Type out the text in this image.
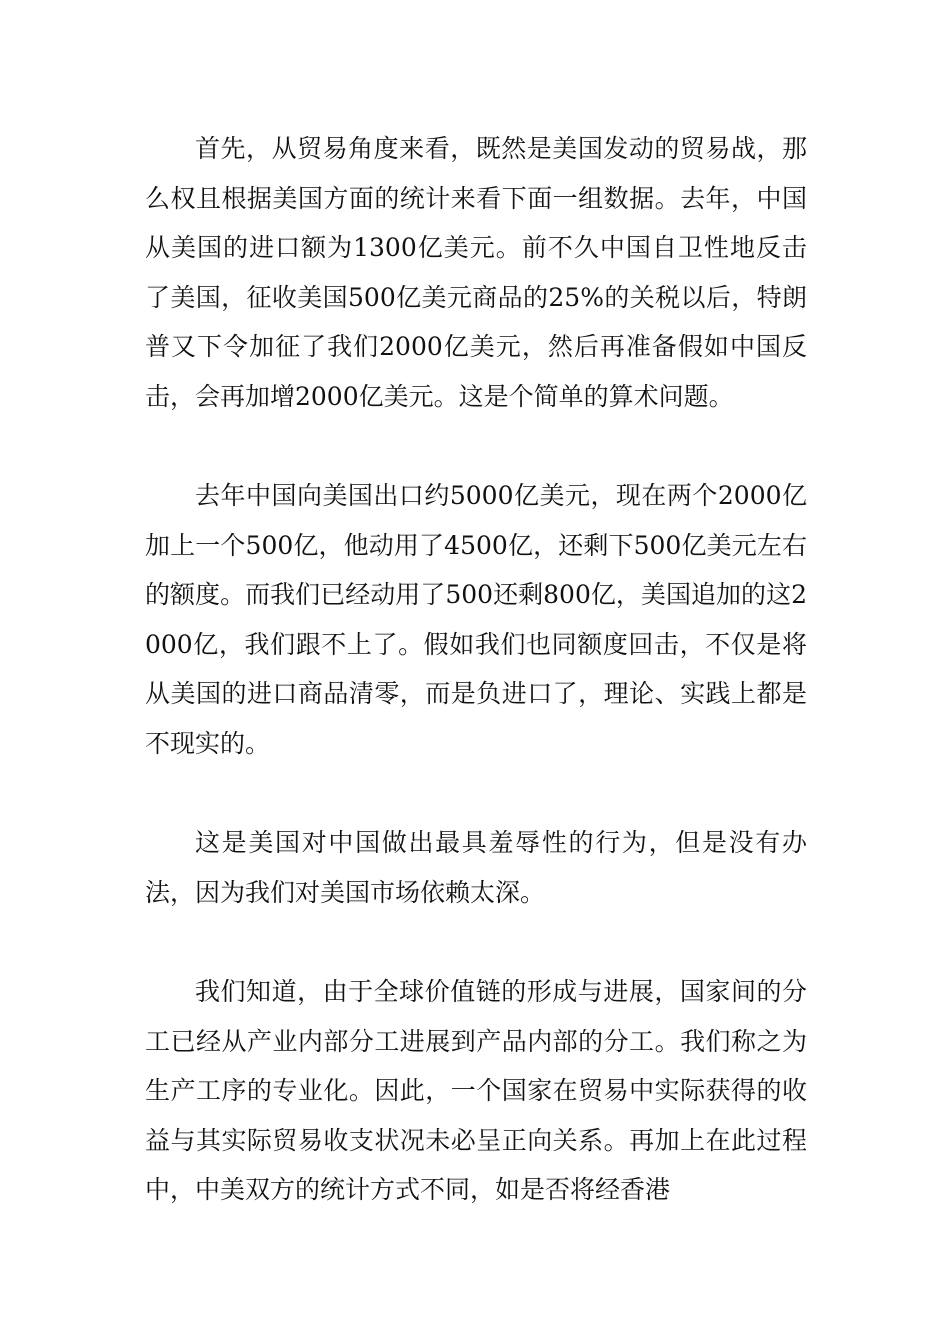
首先，从贸易角度来看，既然是美国发动的贸易战，那么权且根据美国方面的统计来看下面一组数据。去年，中国从美国的进口额为1300亿美元。前不久中国自卫性地反击了美国，征收美国500亿美元商品的25%的关税以后，特朗普又下令加征了我们2000亿美元，然后再准备假如中国反击，会再加增2000亿美元。这是个简单的算术问题。

去年中国向美国出口约5000亿美元，现在两个2000亿加上一个500亿，他动用了4500亿，还剩下500亿美元左右的额度。而我们已经动用了500还剩800亿，美国追加的这2000亿，我们跟不上了。假如我们也同额度回击，不仅是将从美国的进口商品清零，而是负进口了，理论、实践上都是不现实的。

这是美国对中国做出最具羞辱性的行为，但是没有办法，因为我们对美国市场依赖太深。

我们知道，由于全球价值链的形成与进展，国家间的分工已经从产业内部分工进展到产品内部的分工。我们称之为生产工序的专业化。因此，一个国家在贸易中实际获得的收益与其实际贸易收支状况未必呈正向关系。再加上在此过程中，中美双方的统计方式不同，如是否将经香港
